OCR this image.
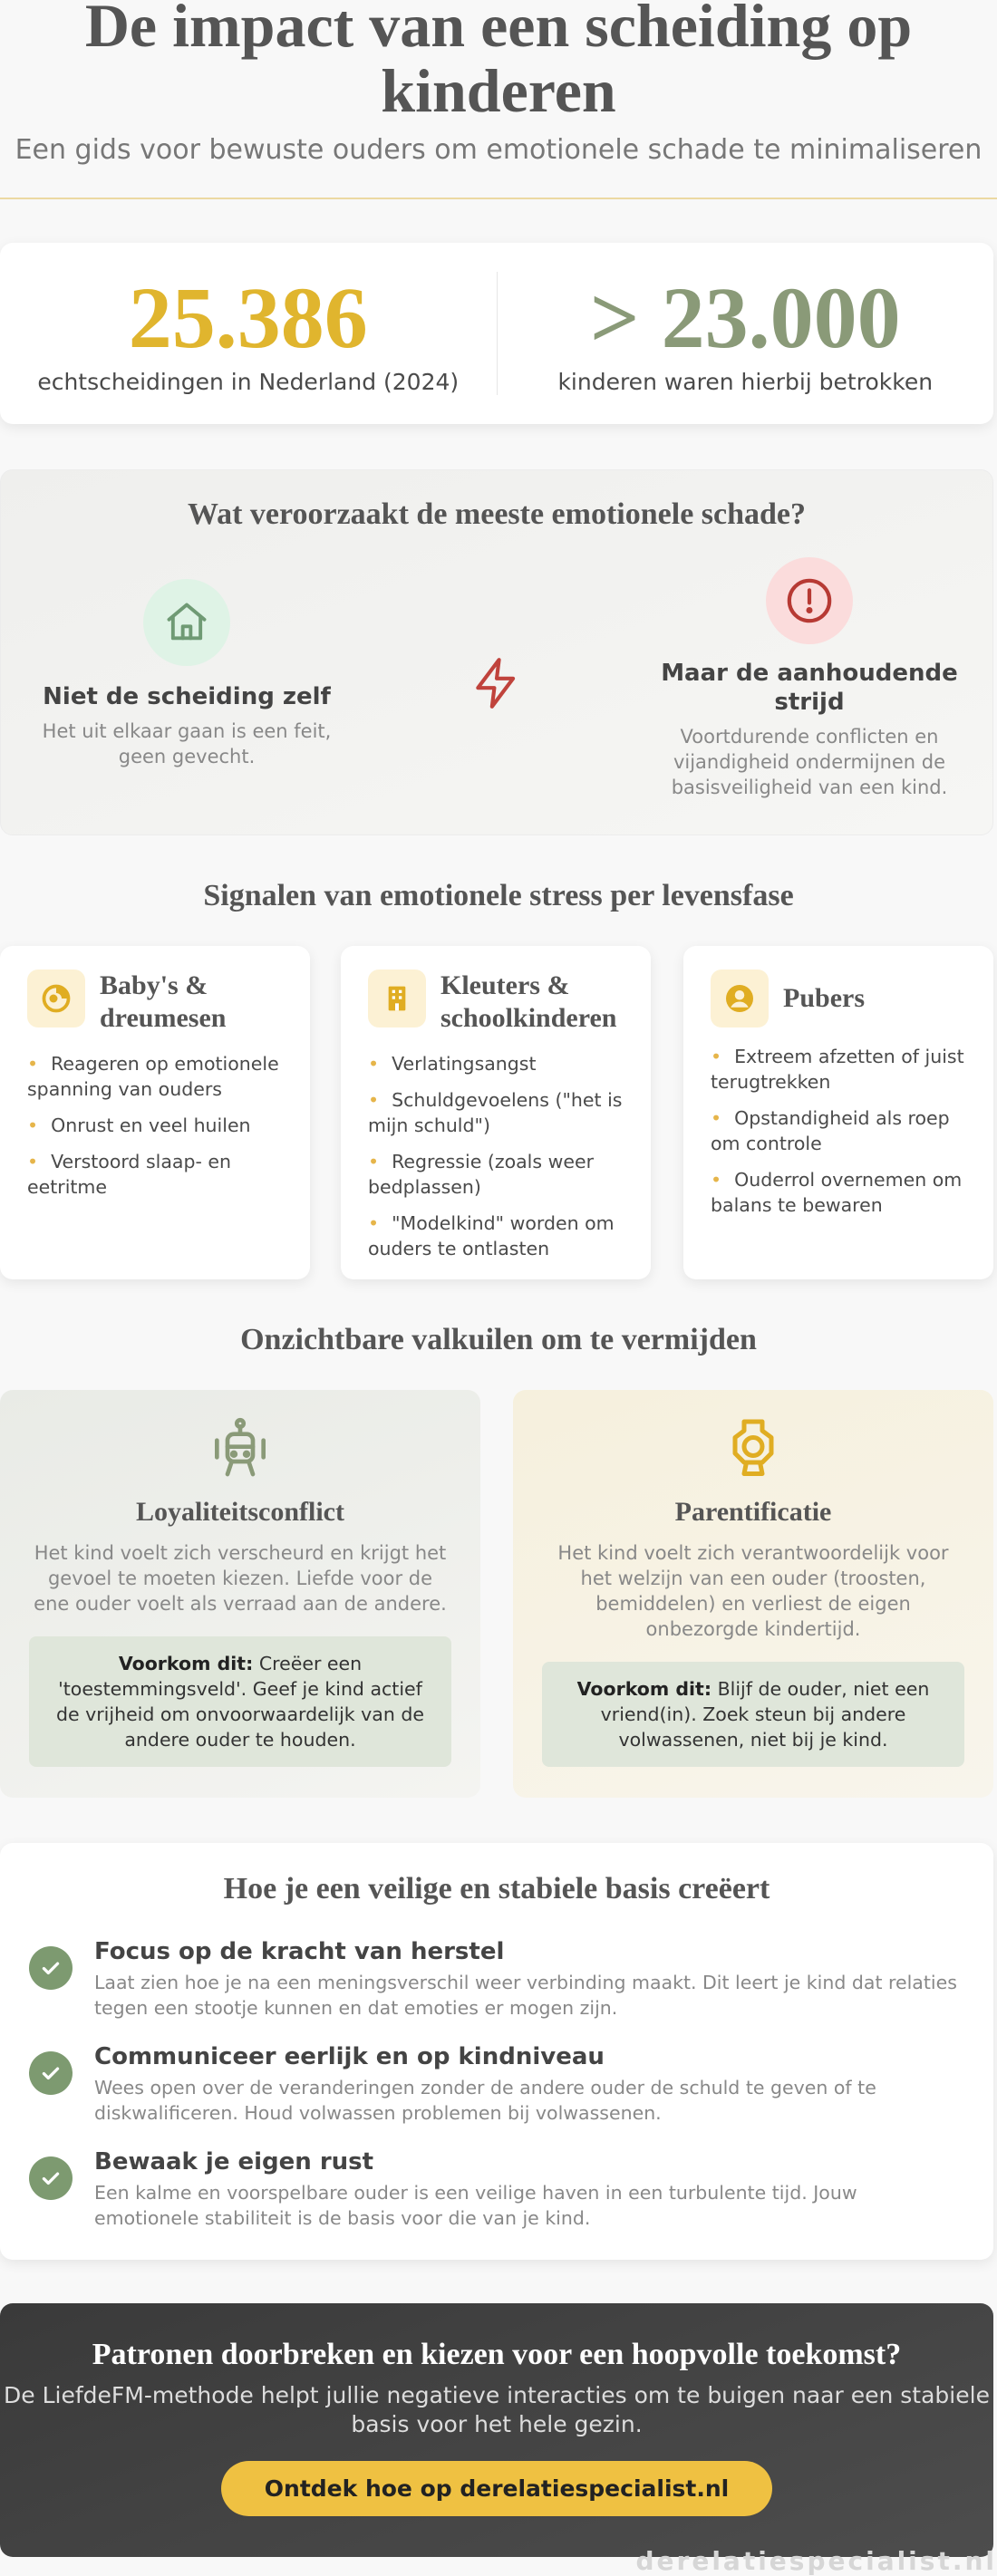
De impact van een scheiding op kinderen
Een gids voor bewuste ouders om emotionele schade te minimaliseren
25.386
echtscheidingen in Nederland (2024)
> 23.000
kinderen waren hierbij betrokken
Wat veroorzaakt de meeste emotionele schade?
Niet de scheiding zelf

Het uit elkaar gaan is een feit, geen gevecht.

Maar de aanhoudende strijd

Voortdurende conflicten en vijandigheid ondermijnen de basisveiligheid van een kind.

Signalen van emotionele stress per levensfase
Baby's & dreumesen
• Reageren op emotionele spanning van ouders
• Onrust en veel huilen
• Verstoord slaap- en eetritme
Kleuters & schoolkinderen
• Verlatingsangst
• Schuldgevoelens ("het is mijn schuld")
• Regressie (zoals weer bedplassen)
• "Modelkind" worden om ouders te ontlasten
Pubers
• Extreem afzetten of juist terugtrekken
• Opstandigheid als roep om controle
• Ouderrol overnemen om balans te bewaren
Onzichtbare valkuilen om te vermijden
Loyaliteitsconflict
Het kind voelt zich verscheurd en krijgt het gevoel te moeten kiezen. Liefde voor de ene ouder voelt als verraad aan de andere.
Voorkom dit: Creëer een 'toestemmingsveld'. Geef je kind actief de vrijheid om onvoorwaardelijk van de andere ouder te houden.
Parentificatie
Het kind voelt zich verantwoordelijk voor het welzijn van een ouder (troosten, bemiddelen) en verliest de eigen onbezorgde kindertijd.
Voorkom dit: Blijf de ouder, niet een vriend(in). Zoek steun bij andere volwassenen, niet bij je kind.
Hoe je een veilige en stabiele basis creëert
Focus op de kracht van herstel

Laat zien hoe je na een meningsverschil weer verbinding maakt. Dit leert je kind dat relaties tegen een stootje kunnen en dat emoties er mogen zijn.

Communiceer eerlijk en op kindniveau

Wees open over de veranderingen zonder de andere ouder de schuld te geven of te diskwalificeren. Houd volwassen problemen bij volwassenen.

Bewaak je eigen rust

Een kalme en voorspelbare ouder is een veilige haven in een turbulente tijd. Jouw emotionele stabiliteit is de basis voor die van je kind.

Patronen doorbreken en kiezen voor een hoopvolle toekomst?

De LiefdeFM-methode helpt jullie negatieve interacties om te buigen naar een stabiele basis voor het hele gezin.

Ontdek hoe op derelatiespecialist.nl
derelatiespecialist.nl
